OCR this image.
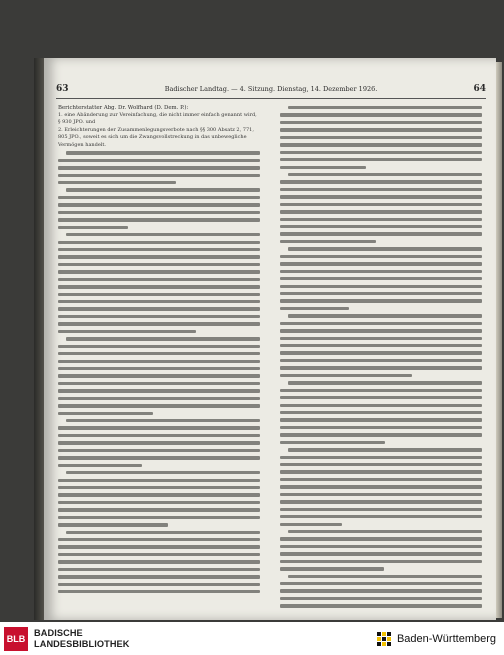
63	Badischer Landtag. — 4. Sitzung. Dienstag, 14. Dezember 1926.	64
Berichterstatter Abg. Dr. Wolfhard (D. Dem. P.):
1. eine Abänderung zur Vereinfachung, die nicht immer einfach genannt wird, § 930 JPO. und
2. Erleichterungen der Zusammenlegungsverbote nach §§ 300 Absatz 2, 771, 805 JPO., soweit es sich um die Zwangsvollstreckung in das unbewegliche Vermögen handelt.
BLB
BADISCHE
LANDESBIBLIOTHEK	Baden-Württemberg
